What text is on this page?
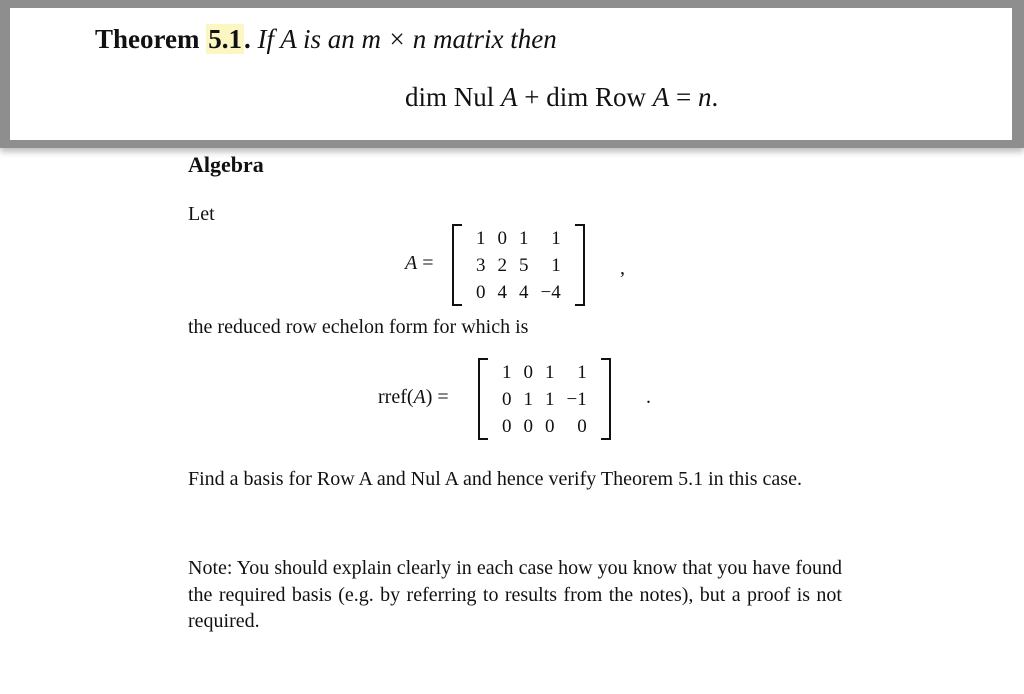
Algebra
Let
A =
1	0	1	1
3	2	5	1
0	4	4	−4
,
the reduced row echelon form for which is
rref(A) =
1	0	1	1
0	1	1	−1
0	0	0	0
.
Find a basis for Row A and Nul A and hence verify Theorem 5.1 in this case.
Note: You should explain clearly in each case how you know that you have found the required basis (e.g. by referring to results from the notes), but a proof is not required.
Theorem 5.1. If A is an m × n matrix then
dim Nul A + dim Row A = n.
